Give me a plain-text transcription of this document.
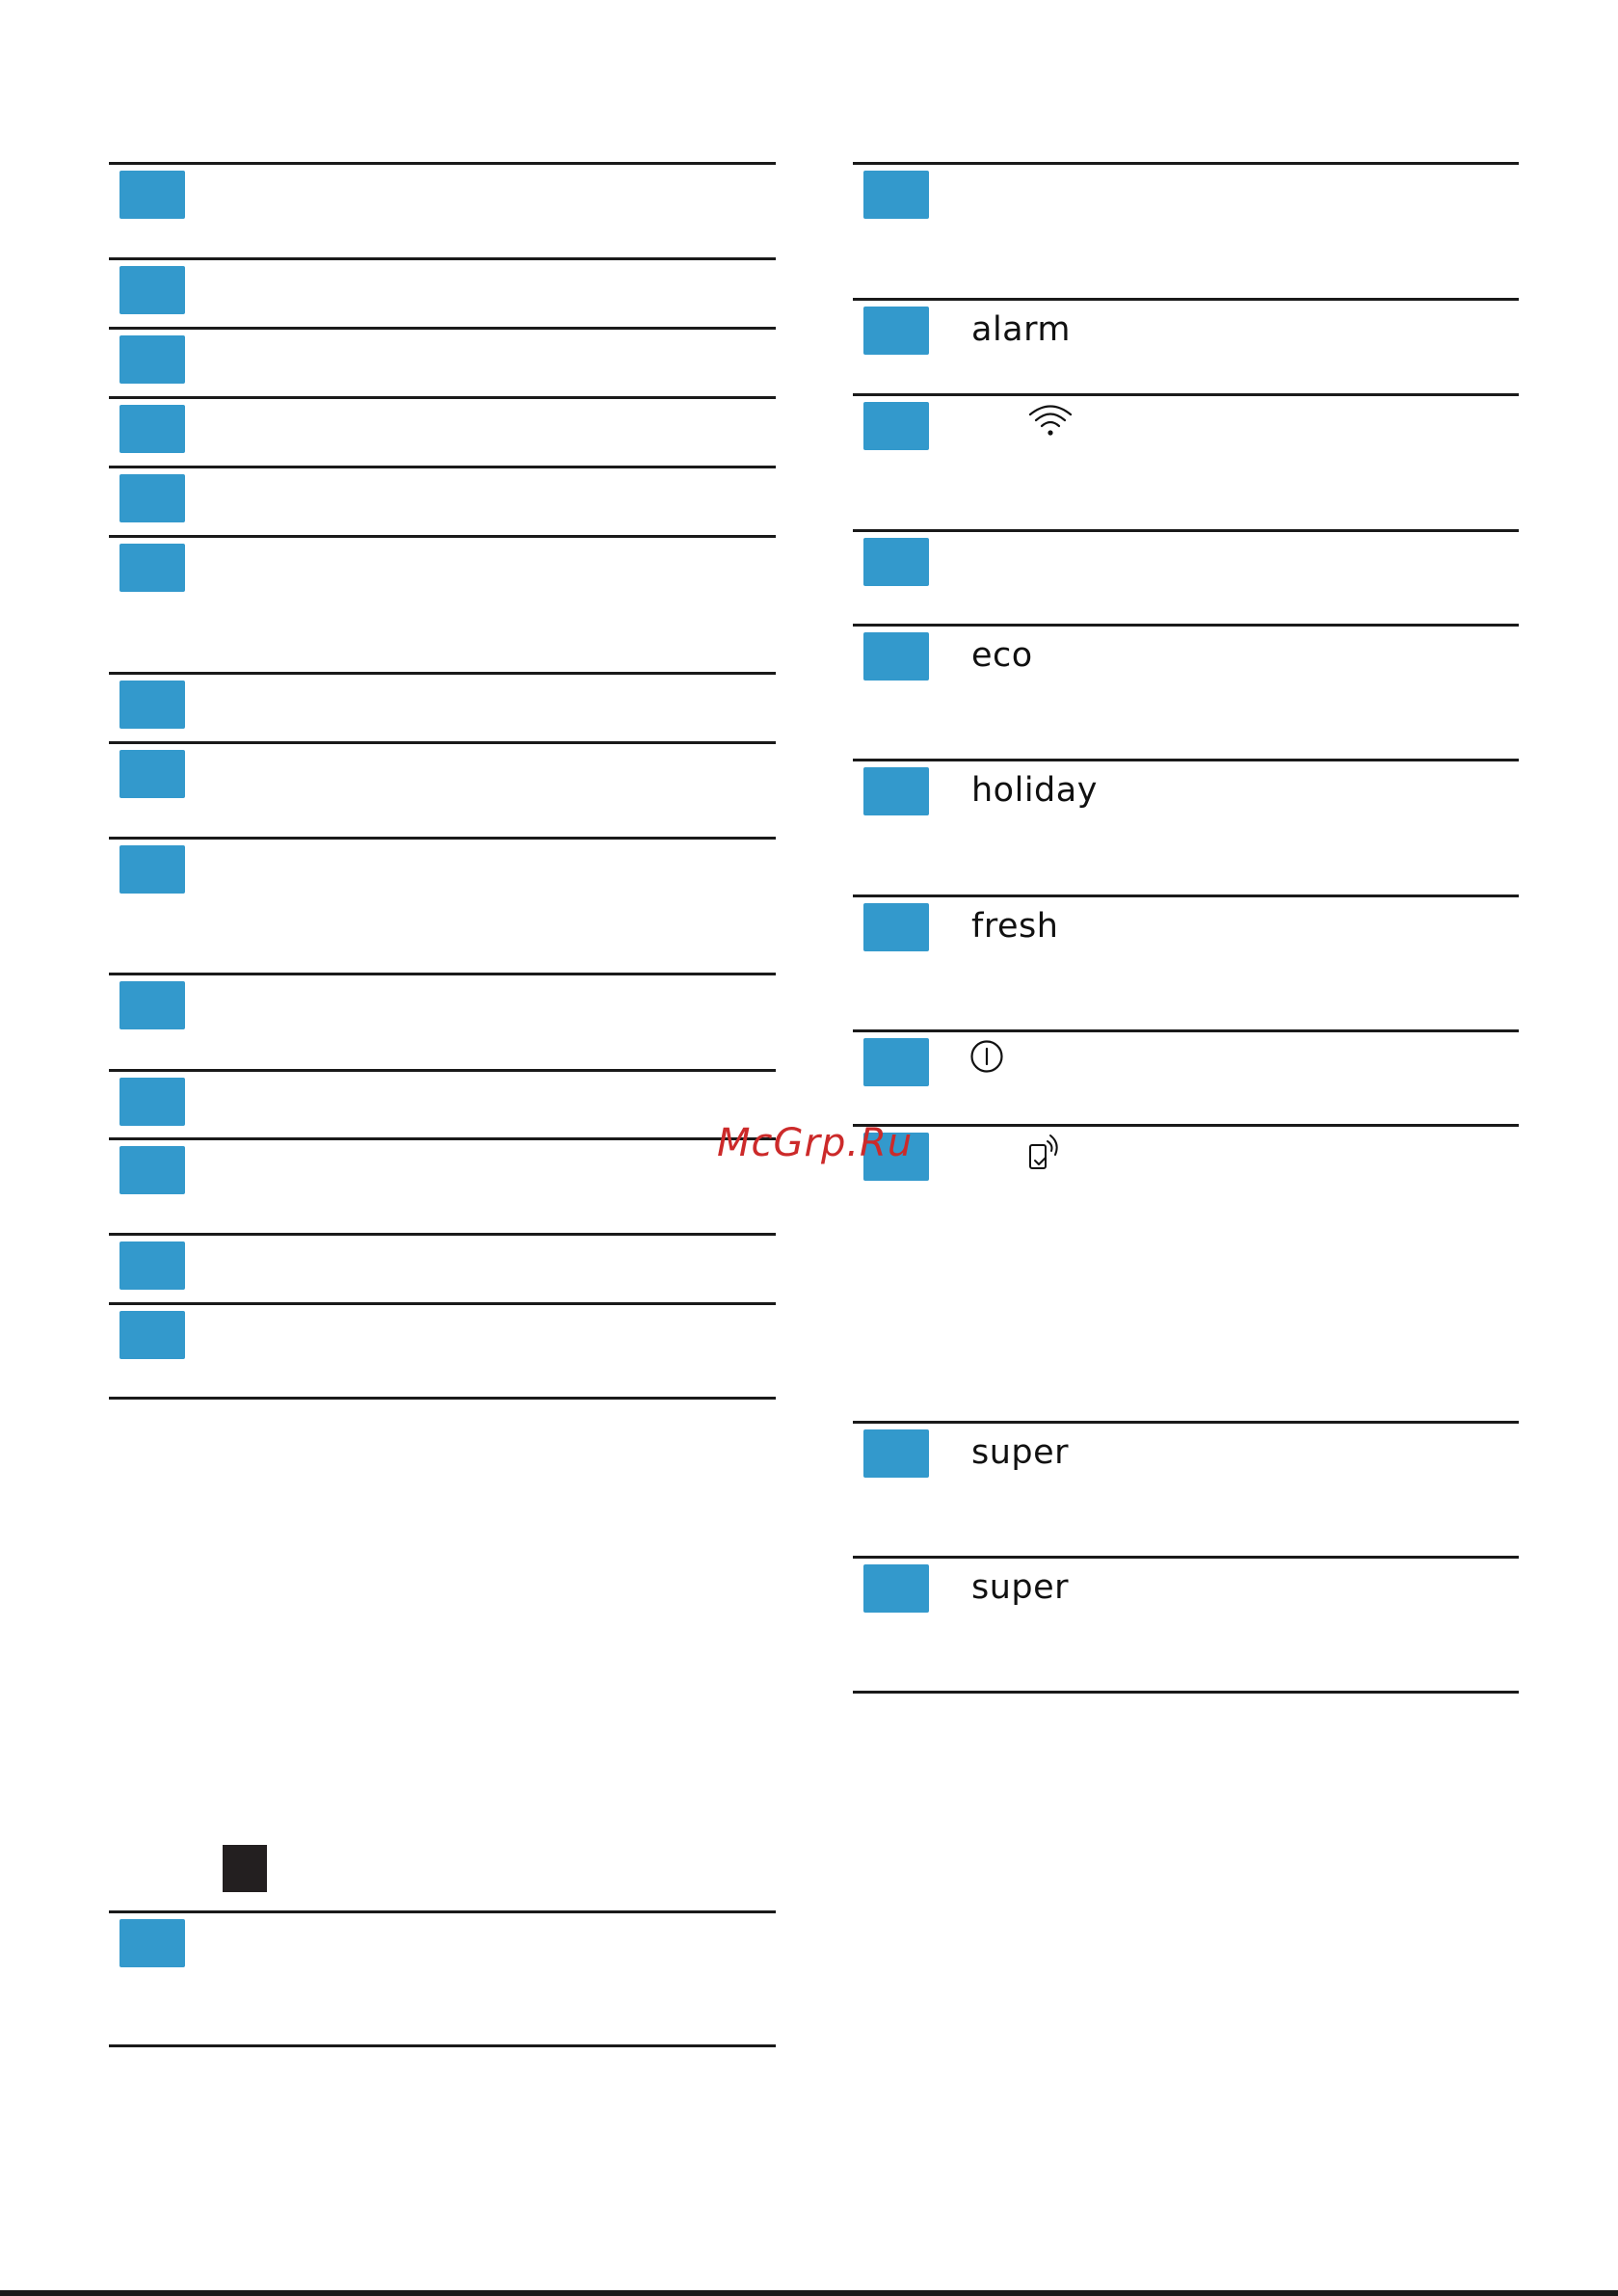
alarm
eco
holiday
fresh
super
super
McGrp.Ru
